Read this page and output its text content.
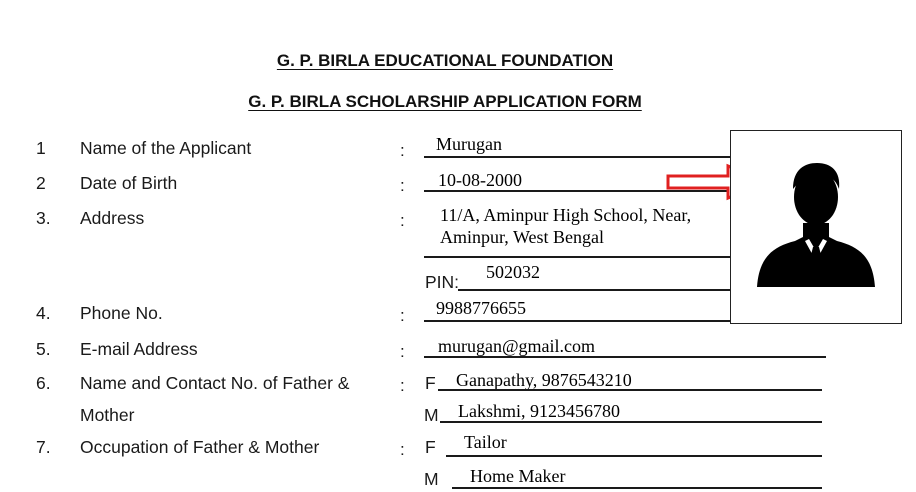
G. P. BIRLA EDUCATIONAL FOUNDATION
G. P. BIRLA SCHOLARSHIP APPLICATION FORM
1 Name of the Applicant	: Murugan
2 Date of Birth	: 10-08-2000
3. Address	: 11/A, Aminpur High School, Near,
Aminpur, West Bengal
PIN: 502032
4. Phone No.	: 9988776655
5. E-mail Address	: murugan@gmail.com
6. Name and Contact No. of Father &
Mother
: F Ganapathy, 9876543210
M Lakshmi, 9123456780
7. Occupation of Father & Mother	: F Tailor
M Home Maker
